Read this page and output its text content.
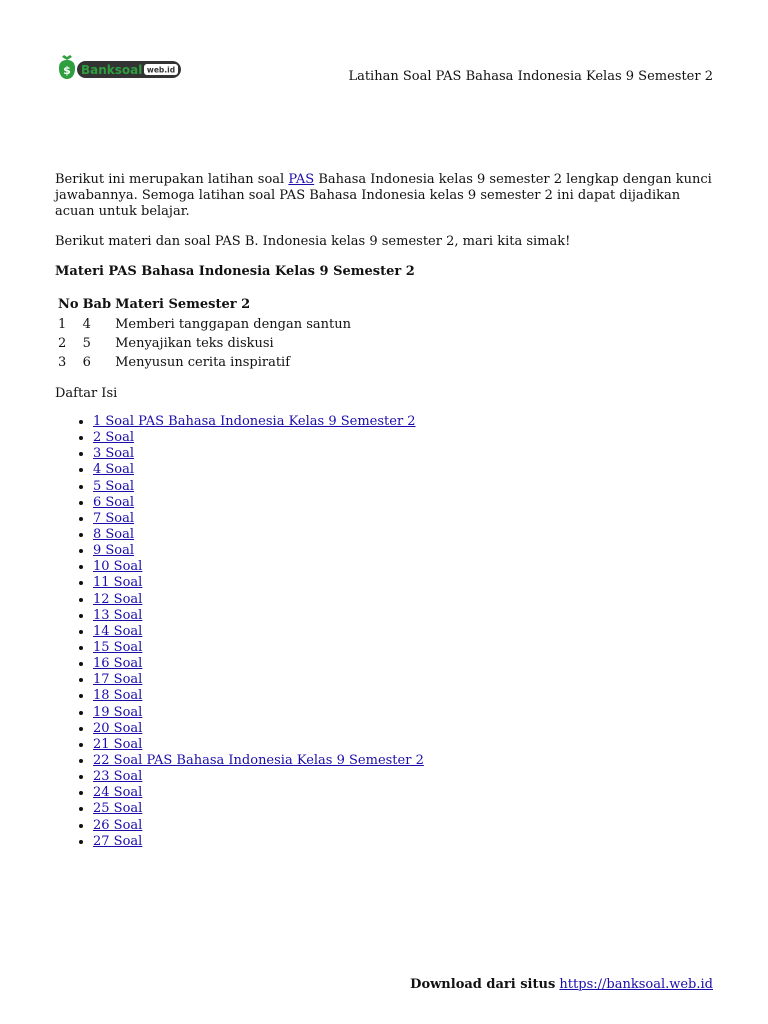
$ Banksoal web.id	Latihan Soal PAS Bahasa Indonesia Kelas 9 Semester 2

Berikut ini merupakan latihan soal PAS Bahasa Indonesia kelas 9 semester 2 lengkap dengan kunci jawabannya. Semoga latihan soal PAS Bahasa Indonesia kelas 9 semester 2 ini dapat dijadikan acuan untuk belajar.

Berikut materi dan soal PAS B. Indonesia kelas 9 semester 2, mari kita simak!

Materi PAS Bahasa Indonesia Kelas 9 Semester 2

No	Bab	Materi Semester 2
1	4	Memberi tanggapan dengan santun
2	5	Menyajikan teks diskusi
3	6	Menyusun cerita inspiratif

Daftar Isi

• 1 Soal PAS Bahasa Indonesia Kelas 9 Semester 2
• 2 Soal
• 3 Soal
• 4 Soal
• 5 Soal
• 6 Soal
• 7 Soal
• 8 Soal
• 9 Soal
• 10 Soal
• 11 Soal
• 12 Soal
• 13 Soal
• 14 Soal
• 15 Soal
• 16 Soal
• 17 Soal
• 18 Soal
• 19 Soal
• 20 Soal
• 21 Soal
• 22 Soal PAS Bahasa Indonesia Kelas 9 Semester 2
• 23 Soal
• 24 Soal
• 25 Soal
• 26 Soal
• 27 Soal
Download dari situs https://banksoal.web.id
